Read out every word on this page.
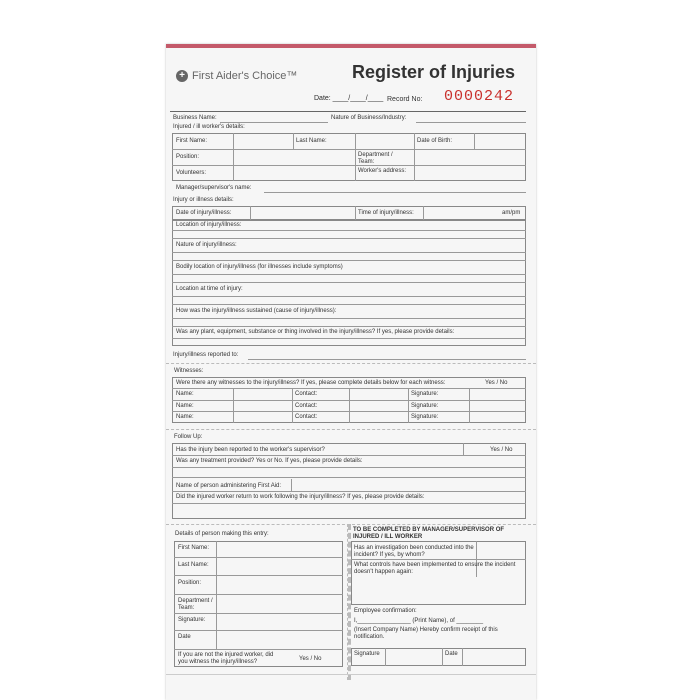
+ First Aider's Choice™	Register of Injuries
Date: ____/____/____ Record No: 0000242
Business Name:	Nature of Business/Industry:
Injured / ill worker's details:
First Name:	Last Name:	Date of Birth:
Position:	Department / Team:
Volunteers:	Worker's address:
Manager/supervisor's name:
Injury or illness details:
Date of injury/illness:	Time of injury/illness:	am/pm
Location of injury/illness:
Nature of injury/illness:
Bodily location of injury/illness (for illnesses include symptoms)
Location at time of injury:
How was the injury/illness sustained (cause of injury/illness):
Was any plant, equipment, substance or thing involved in the injury/illness? If yes, please provide details:
Injury/illness reported to:
Witnesses:
Were there any witnesses to the injury/illness? If yes, please complete details below for each witness:	Yes / No
Name:	Contact:	Signature:
Name:	Contact:	Signature:
Name:	Contact:	Signature:
Follow Up:
Has the injury been reported to the worker's supervisor?	Yes / No
Was any treatment provided? Yes or No. If yes, please provide details:
Name of person administering First Aid:
Did the injured worker return to work following the injury/illness? If yes, please provide details:
Details of person making this entry:
First Name:
Last Name:
Position:
Department / Team:
Signature:
Date
If you are not the injured worker, did you witness the injury/illness?	Yes / No
TO BE COMPLETED BY MANAGER/SUPERVISOR OF INJURED / ILL WORKER
Has an investigation been conducted into the incident? If yes, by whom?
What controls have been implemented to ensure the incident doesn't happen again:
Employee confirmation:
I,________________ (Print Name), of ________
(Insert Company Name) Hereby confirm receipt of this notification.
Signature	Date
